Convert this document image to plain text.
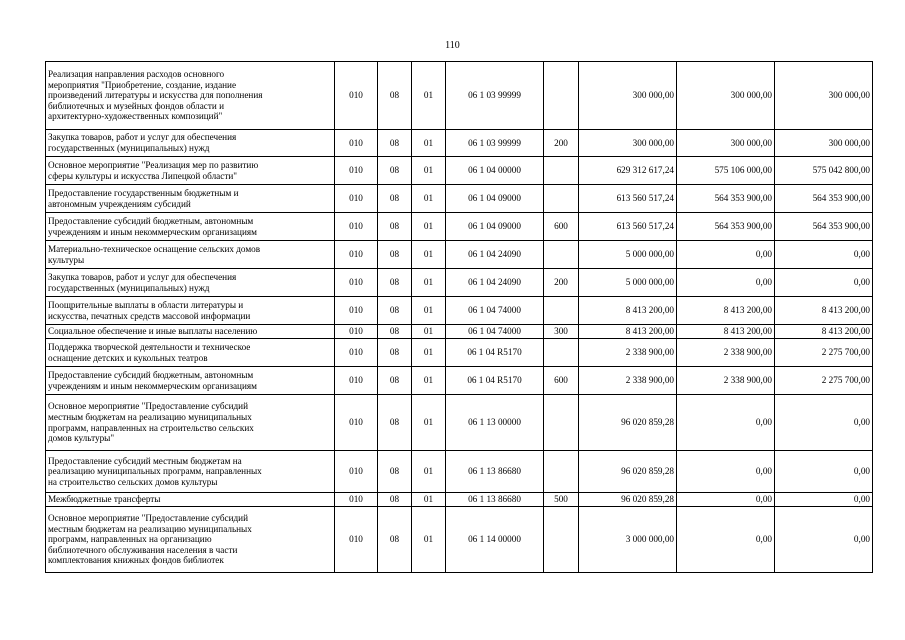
110
Реализация направления расходов основного
мероприятия "Приобретение, создание, издание
произведений литературы и искусства для пополнения
библиотечных и музейных фондов области и
архитектурно-художественных композиций"	010	08	01	06 1 03 99999		300 000,00	300 000,00	300 000,00
Закупка товаров, работ и услуг для обеспечения
государственных (муниципальных) нужд	010	08	01	06 1 03 99999	200	300 000,00	300 000,00	300 000,00
Основное мероприятие "Реализация мер по развитию
сферы культуры и искусства Липецкой области"	010	08	01	06 1 04 00000		629 312 617,24	575 106 000,00	575 042 800,00
Предоставление государственным бюджетным и
автономным учреждениям субсидий	010	08	01	06 1 04 09000		613 560 517,24	564 353 900,00	564 353 900,00
Предоставление субсидий бюджетным, автономным
учреждениям и иным некоммерческим организациям	010	08	01	06 1 04 09000	600	613 560 517,24	564 353 900,00	564 353 900,00
Материально-техническое оснащение сельских домов
культуры	010	08	01	06 1 04 24090		5 000 000,00	0,00	0,00
Закупка товаров, работ и услуг для обеспечения
государственных (муниципальных) нужд	010	08	01	06 1 04 24090	200	5 000 000,00	0,00	0,00
Поощрительные выплаты в области литературы и
искусства, печатных средств массовой информации	010	08	01	06 1 04 74000		8 413 200,00	8 413 200,00	8 413 200,00
Социальное обеспечение и иные выплаты населению	010	08	01	06 1 04 74000	300	8 413 200,00	8 413 200,00	8 413 200,00
Поддержка творческой деятельности и техническое
оснащение детских и кукольных театров	010	08	01	06 1 04 R5170		2 338 900,00	2 338 900,00	2 275 700,00
Предоставление субсидий бюджетным, автономным
учреждениям и иным некоммерческим организациям	010	08	01	06 1 04 R5170	600	2 338 900,00	2 338 900,00	2 275 700,00
Основное мероприятие "Предоставление субсидий
местным бюджетам на реализацию муниципальных
программ, направленных на строительство сельских
домов культуры"	010	08	01	06 1 13 00000		96 020 859,28	0,00	0,00
Предоставление субсидий местным бюджетам на
реализацию муниципальных программ, направленных
на строительство сельских домов культуры	010	08	01	06 1 13 86680		96 020 859,28	0,00	0,00
Межбюджетные трансферты	010	08	01	06 1 13 86680	500	96 020 859,28	0,00	0,00
Основное мероприятие "Предоставление субсидий
местным бюджетам на реализацию муниципальных
программ, направленных на организацию
библиотечного обслуживания населения в части
комплектования книжных фондов библиотек	010	08	01	06 1 14 00000		3 000 000,00	0,00	0,00
